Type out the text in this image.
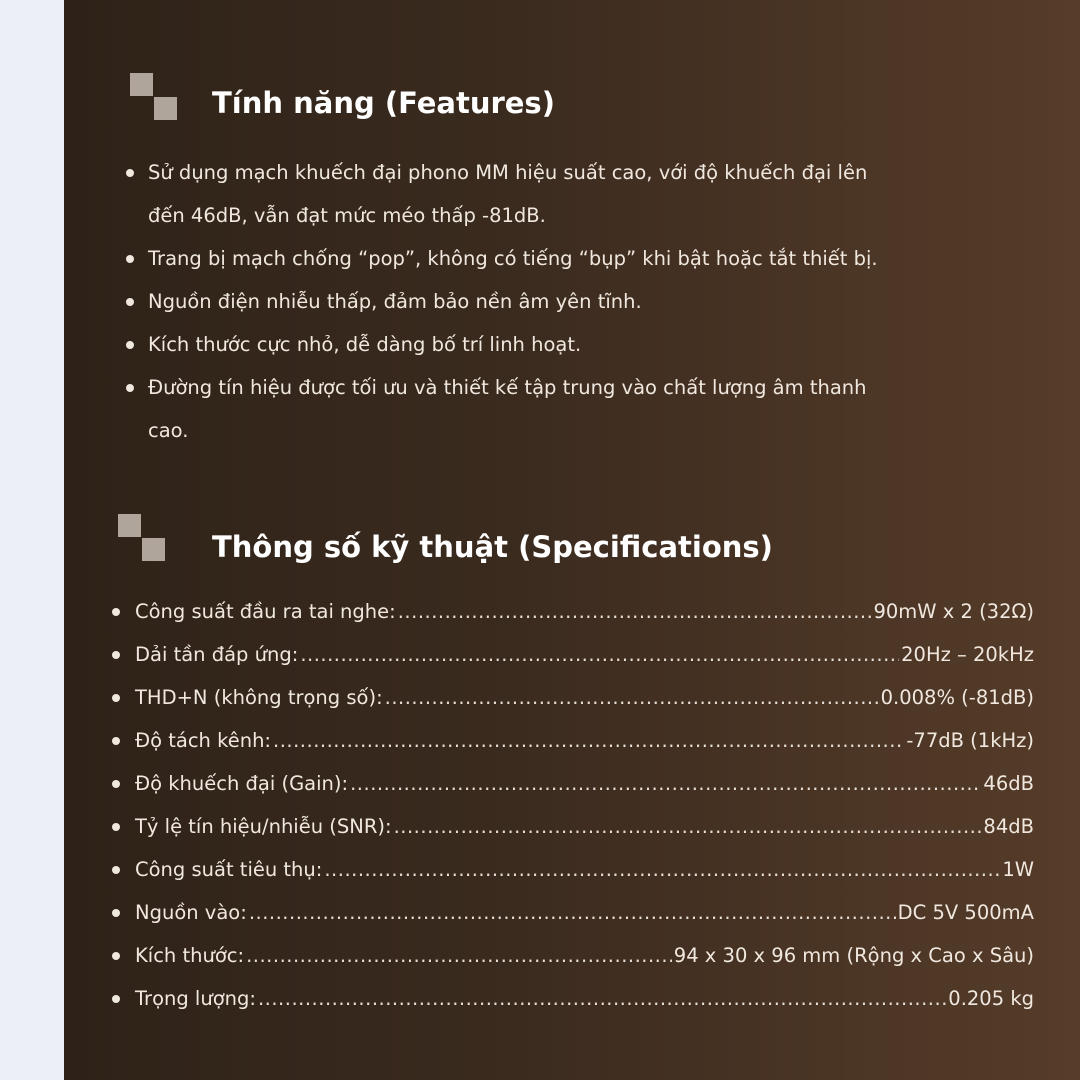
Tính năng (Features)
Sử dụng mạch khuếch đại phono MM hiệu suất cao, với độ khuếch đại lên đến 46dB, vẫn đạt mức méo thấp -81dB.
Trang bị mạch chống “pop”, không có tiếng “bụp” khi bật hoặc tắt thiết bị.
Nguồn điện nhiễu thấp, đảm bảo nền âm yên tĩnh.
Kích thước cực nhỏ, dễ dàng bố trí linh hoạt.
Đường tín hiệu được tối ưu và thiết kế tập trung vào chất lượng âm thanh cao.
Thông số kỹ thuật (Specifications)
Công suất đầu ra tai nghe: .....	90mW x 2 (32Ω)
Dải tần đáp ứng: .....	20Hz – 20kHz
THD+N (không trọng số): .....	0.008% (-81dB)
Độ tách kênh: .....	-77dB (1kHz)
Độ khuếch đại (Gain): .....	46dB
Tỷ lệ tín hiệu/nhiễu (SNR): .....	84dB
Công suất tiêu thụ: .....	1W
Nguồn vào: .....	DC 5V 500mA
Kích thước: .....	94 x 30 x 96 mm (Rộng x Cao x Sâu)
Trọng lượng: .....	0.205 kg
